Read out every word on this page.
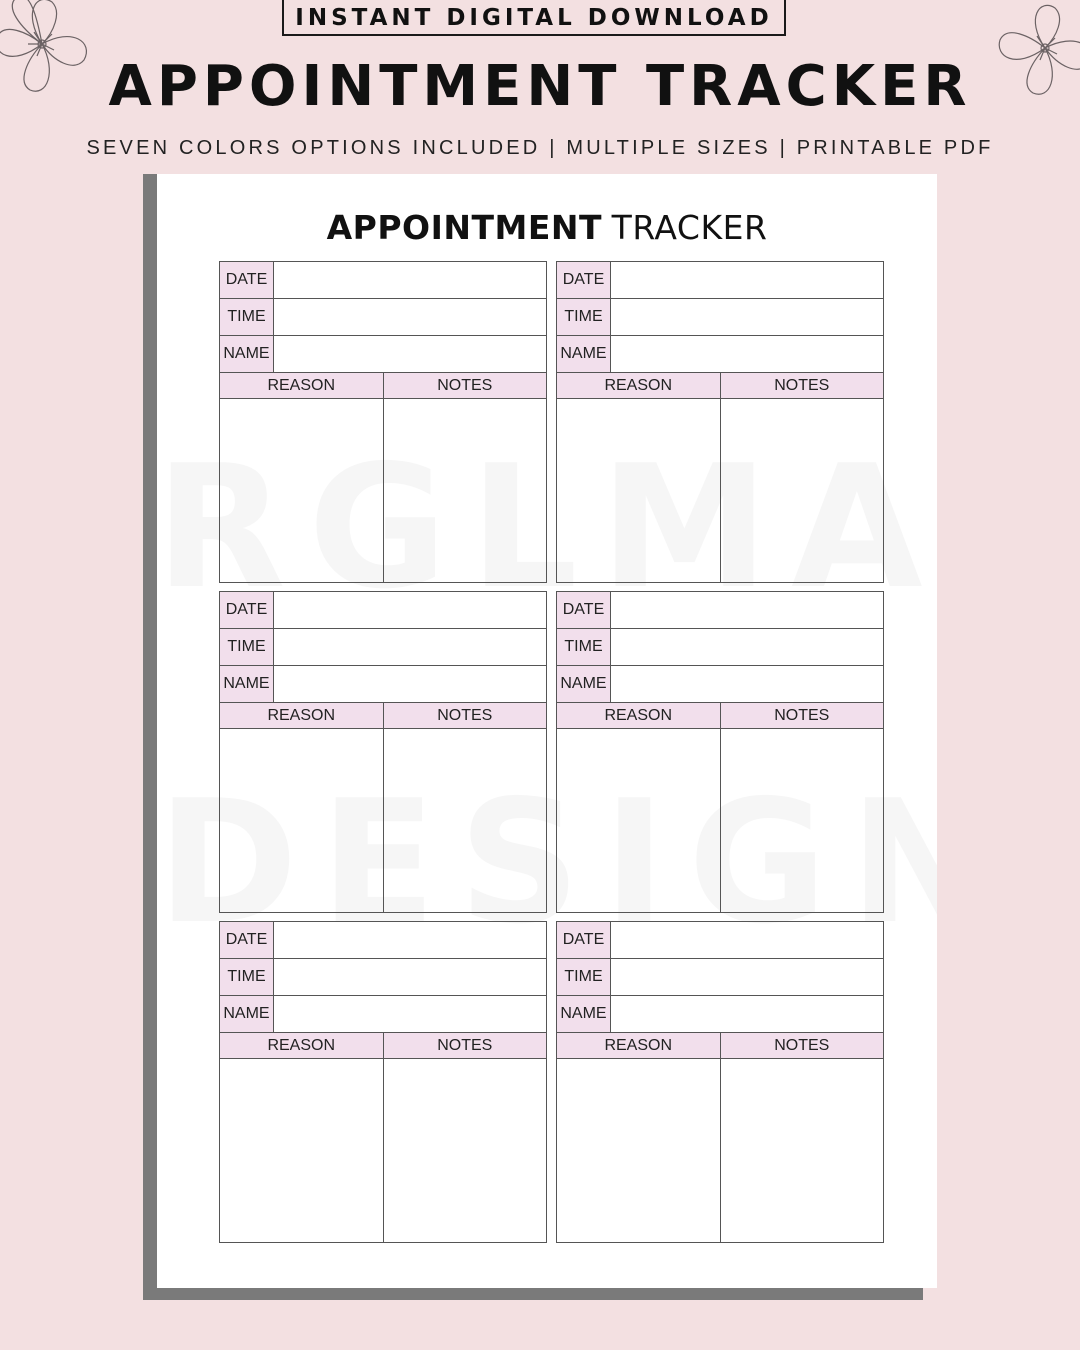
INSTANT DIGITAL DOWNLOAD
APPOINTMENT TRACKER
SEVEN COLORS OPTIONS INCLUDED | MULTIPLE SIZES | PRINTABLE PDF
APPOINTMENT TRACKER
DATE
TIME
NAME
REASON	NOTES
DATE
TIME
NAME
REASON	NOTES
DATE
TIME
NAME
REASON	NOTES
DATE
TIME
NAME
REASON	NOTES
DATE
TIME
NAME
REASON	NOTES
DATE
TIME
NAME
REASON	NOTES
